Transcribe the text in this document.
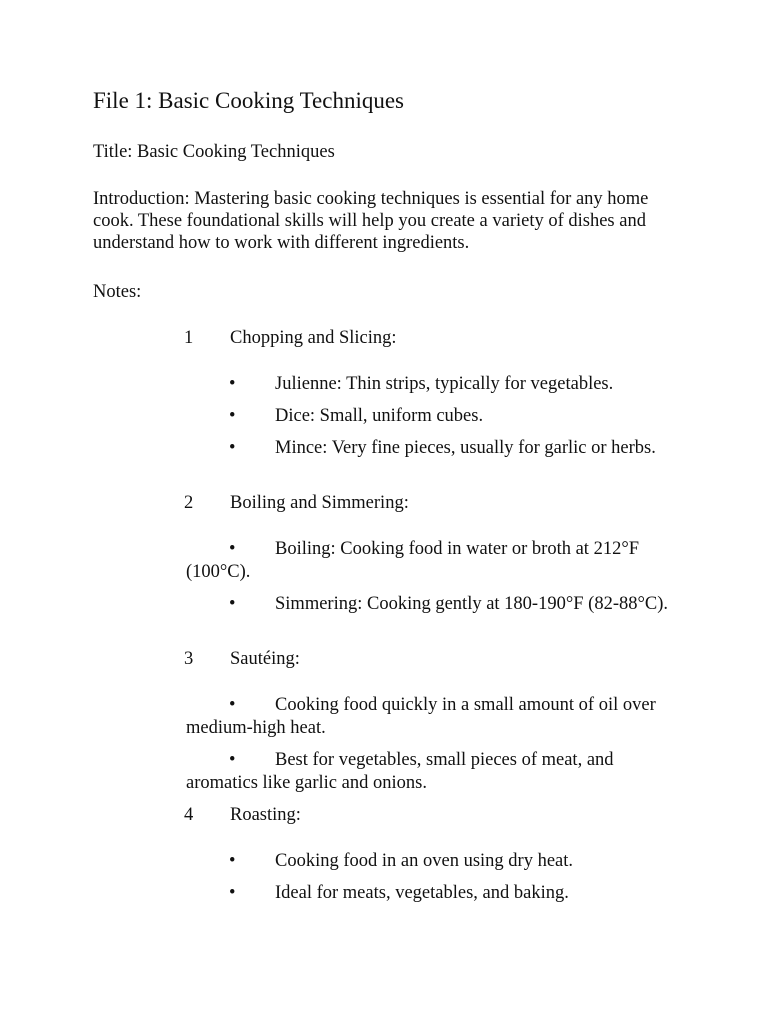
File 1: Basic Cooking Techniques

Title: Basic Cooking Techniques

Introduction: Mastering basic cooking techniques is essential for any home cook. These foundational skills will help you create a variety of dishes and understand how to work with different ingredients.

Notes:

1 Chopping and Slicing:
• Julienne: Thin strips, typically for vegetables.
• Dice: Small, uniform cubes.
• Mince: Very fine pieces, usually for garlic or herbs.
2 Boiling and Simmering:
• Boiling: Cooking food in water or broth at 212°F (100°C).
• Simmering: Cooking gently at 180-190°F (82-88°C).
3 Sautéing:
• Cooking food quickly in a small amount of oil over medium-high heat.
• Best for vegetables, small pieces of meat, and aromatics like garlic and onions.
4 Roasting:
• Cooking food in an oven using dry heat.
• Ideal for meats, vegetables, and baking.
